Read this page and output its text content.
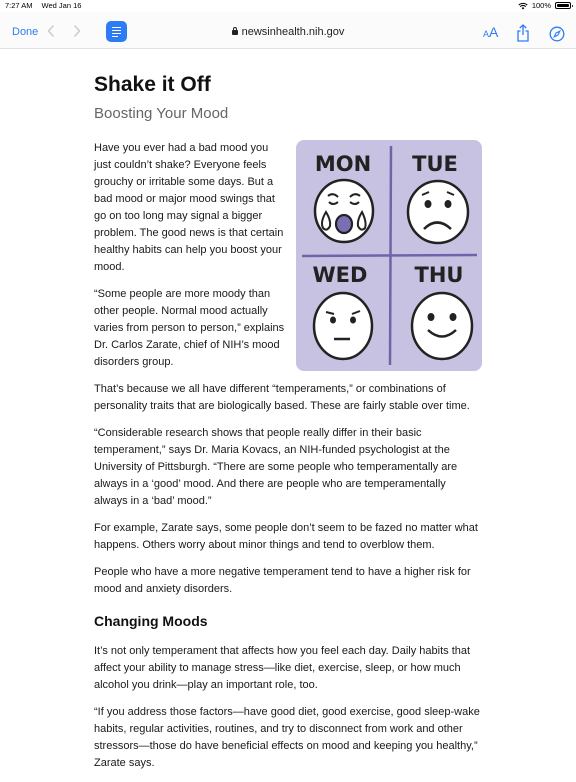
7:27 AM Wed Jan 16	100%
Done	newsinhealth.nih.gov	AA
Shake it Off
Boosting Your Mood
MON TUE
WED THU

Have you ever had a bad mood you just couldn’t shake? Everyone feels grouchy or irritable some days. But a bad mood or major mood swings that go on too long may signal a bigger problem. The good news is that certain healthy habits can help you boost your mood.

“Some people are more moody than other people. Normal mood actually varies from person to person,” explains Dr. Carlos Zarate, chief of NIH’s mood disorders group.

That’s because we all have different “temperaments,” or combinations of personality traits that are biologically based. These are fairly stable over time.

“Considerable research shows that people really differ in their basic temperament,” says Dr. Maria Kovacs, an NIH-funded psychologist at the University of Pittsburgh. “There are some people who temperamentally are always in a ‘good’ mood. And there are people who are temperamentally always in a ‘bad’ mood.”

For example, Zarate says, some people don’t seem to be fazed no matter what happens. Others worry about minor things and tend to overblow them.

People who have a more negative temperament tend to have a higher risk for mood and anxiety disorders.

Changing Moods

It’s not only temperament that affects how you feel each day. Daily habits that affect your ability to manage stress—like diet, exercise, sleep, or how much alcohol you drink—play an important role, too.

“If you address those factors—have good diet, good exercise, good sleep-wake habits, regular activities, routines, and try to disconnect from work and other stressors—those do have beneficial effects on mood and keeping you healthy,” Zarate says.
